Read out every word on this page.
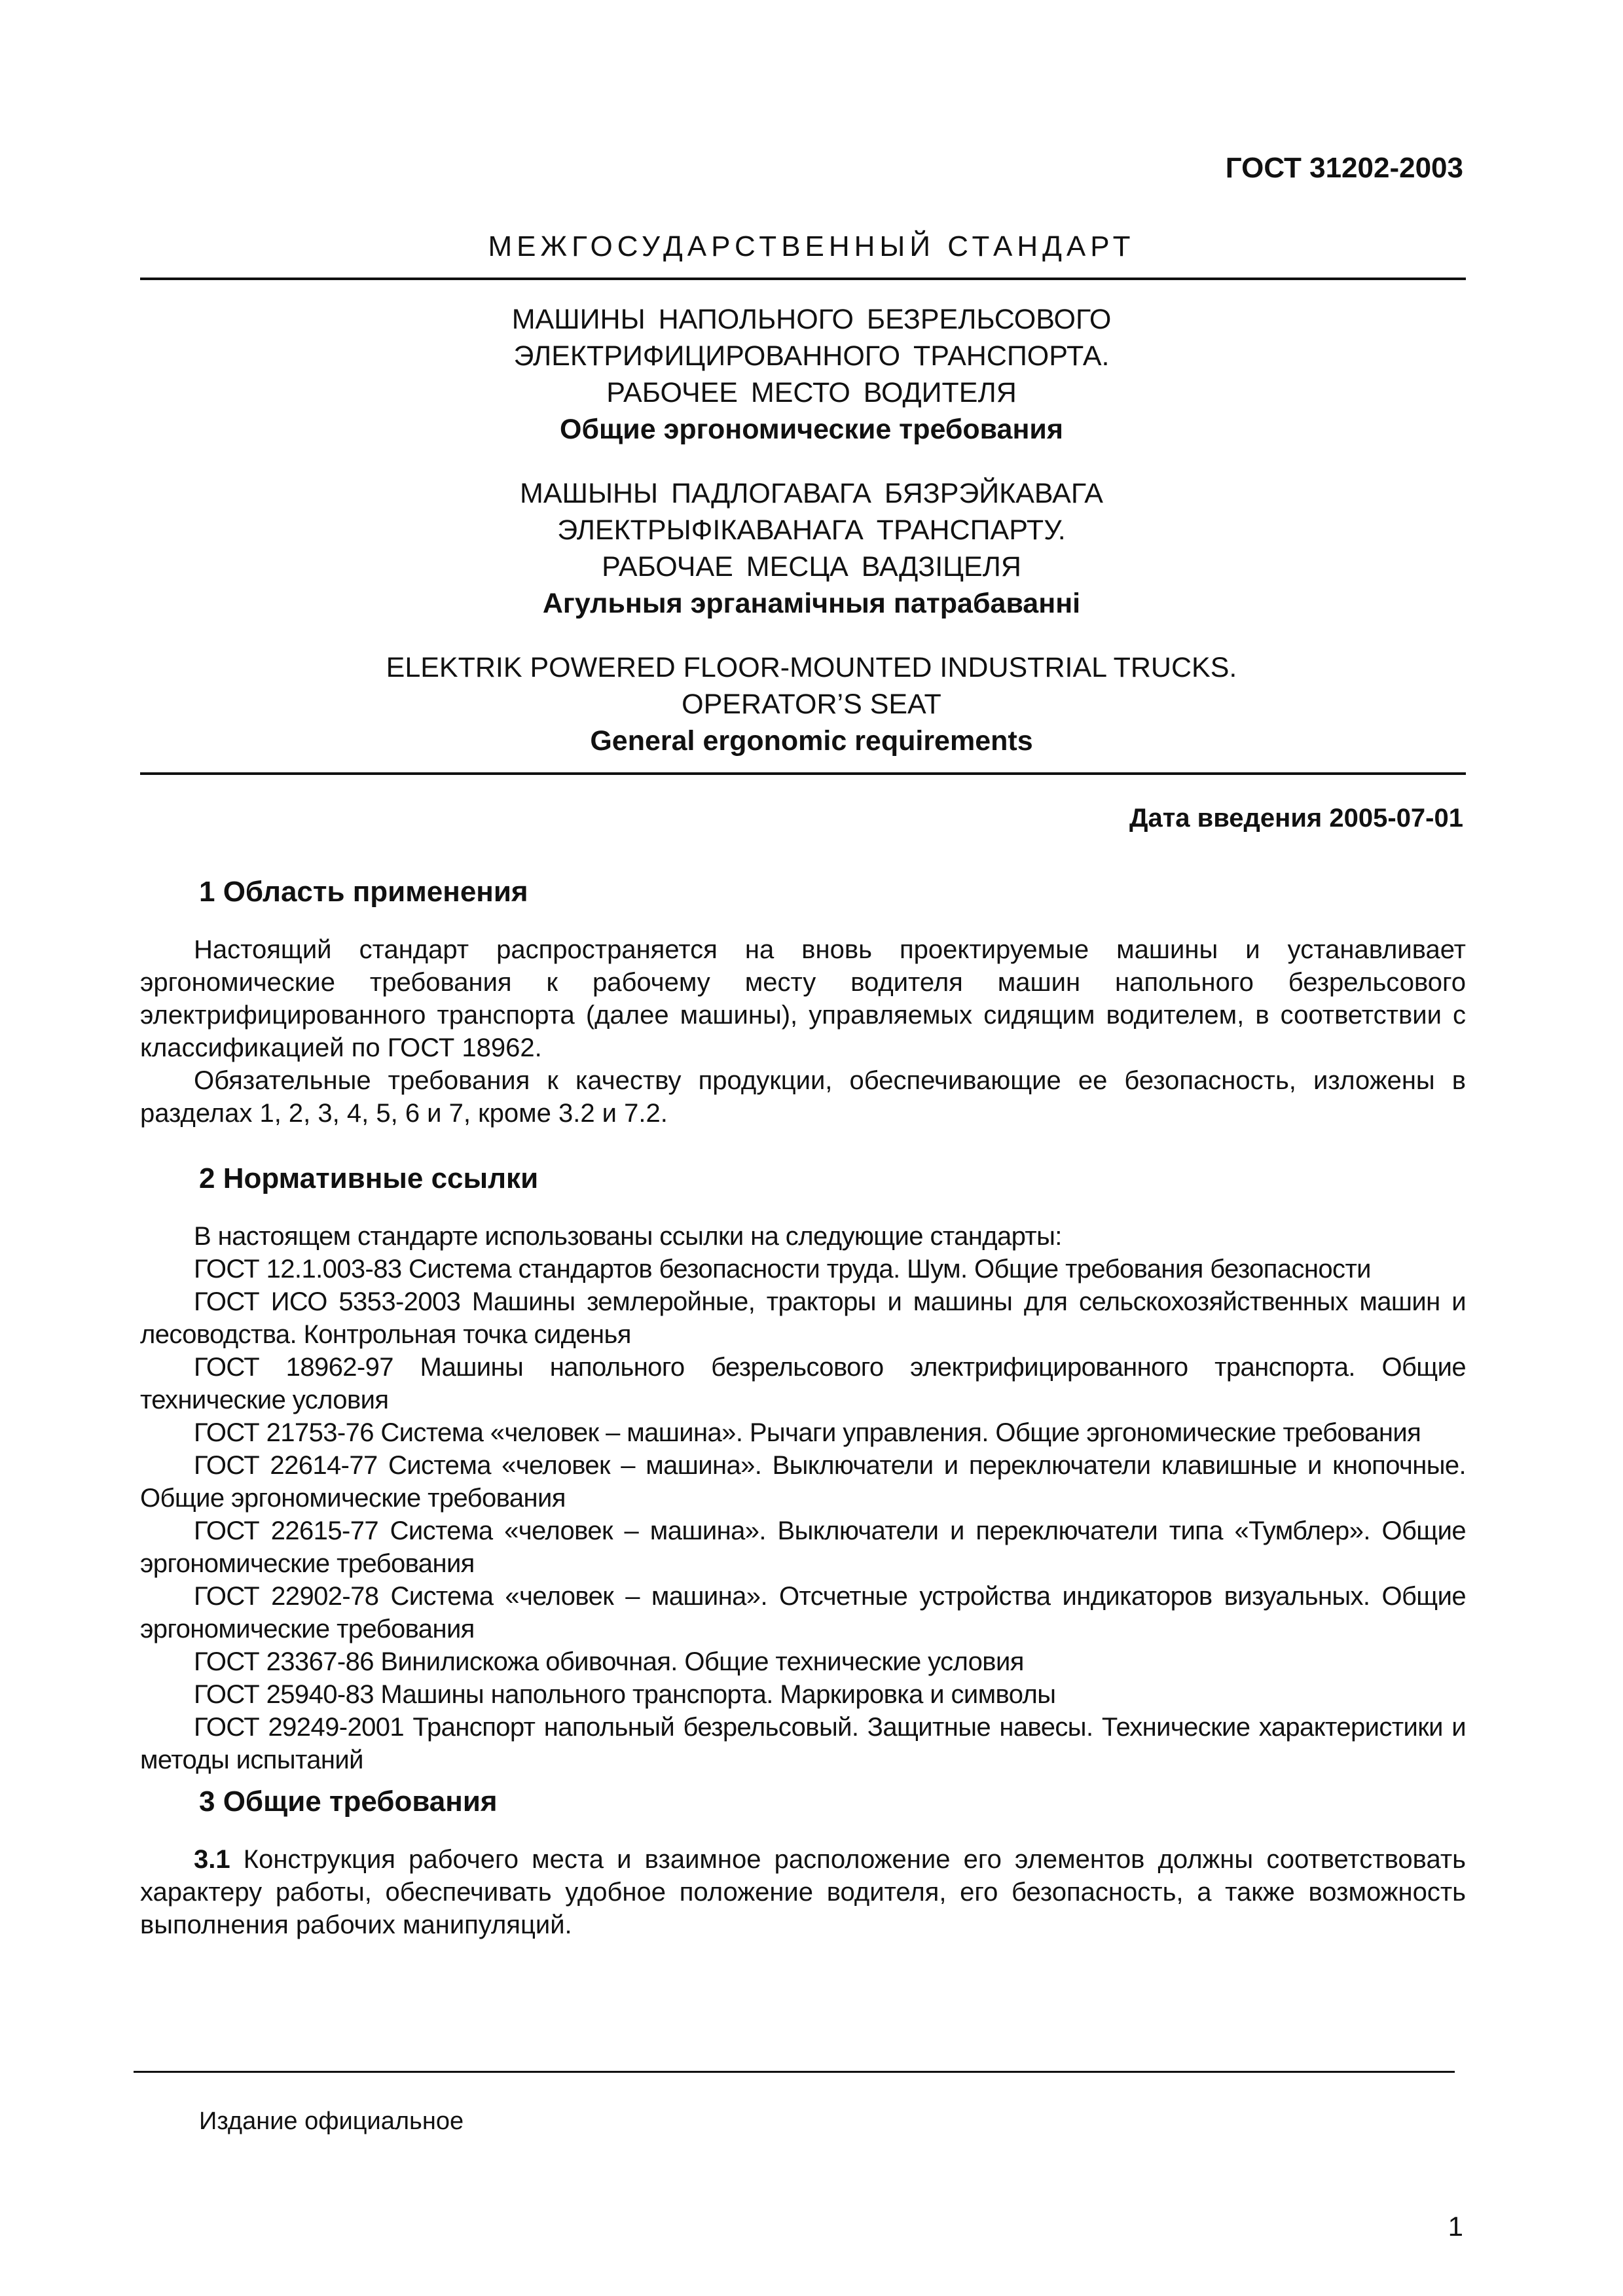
ГОСТ 31202-2003
МЕЖГОСУДАРСТВЕННЫЙ СТАНДАРТ
МАШИНЫ НАПОЛЬНОГО БЕЗРЕЛЬСОВОГО
ЭЛЕКТРИФИЦИРОВАННОГО ТРАНСПОРТА.
РАБОЧЕЕ МЕСТО ВОДИТЕЛЯ
Общие эргономические требования
МАШЫНЫ ПАДЛОГАВАГА БЯЗРЭЙКАВАГА
ЭЛЕКТРЫФІКАВАНАГА ТРАНСПАРТУ.
РАБОЧАЕ МЕСЦА ВАДЗІЦЕЛЯ
Агульныя эрганамічныя патрабаванні
ELEKTRIK POWERED FLOOR-MOUNTED INDUSTRIAL TRUCKS.
OPERATOR’S SEAT
General ergonomic requirements
Дата введения 2005-07-01
1 Область применения

Настоящий стандарт распространяется на вновь проектируемые машины и устанавливает эргономические требования к рабочему месту водителя машин напольного безрельсового электрифицированного транспорта (далее машины), управляемых сидящим водителем, в соответствии с классификацией по ГОСТ 18962.

Обязательные требования к качеству продукции, обеспечивающие ее безопасность, изложены в разделах 1, 2, 3, 4, 5, 6 и 7, кроме 3.2 и 7.2.

2 Нормативные ссылки

В настоящем стандарте использованы ссылки на следующие стандарты:

ГОСТ 12.1.003-83 Система стандартов безопасности труда. Шум. Общие требования безопасности

ГОСТ ИСО 5353-2003 Машины землеройные, тракторы и машины для сельскохозяйственных машин и лесоводства. Контрольная точка сиденья

ГОСТ 18962-97 Машины напольного безрельсового электрифицированного транспорта. Общие технические условия

ГОСТ 21753-76 Система «человек – машина». Рычаги управления. Общие эргономические требования

ГОСТ 22614-77 Система «человек – машина». Выключатели и переключатели клавишные и кнопочные. Общие эргономические требования

ГОСТ 22615-77 Система «человек – машина». Выключатели и переключатели типа «Тумблер». Общие эргономические требования

ГОСТ 22902-78 Система «человек – машина». Отсчетные устройства индикаторов визуальных. Общие эргономические требования

ГОСТ 23367-86 Винилискожа обивочная. Общие технические условия

ГОСТ 25940-83 Машины напольного транспорта. Маркировка и символы

ГОСТ 29249-2001 Транспорт напольный безрельсовый. Защитные навесы. Технические характеристики и методы испытаний

3 Общие требования

3.1 Конструкция рабочего места и взаимное расположение его элементов должны соответствовать характеру работы, обеспечивать удобное положение водителя, его безопасность, а также возможность выполнения рабочих манипуляций.

Издание официальное
1
